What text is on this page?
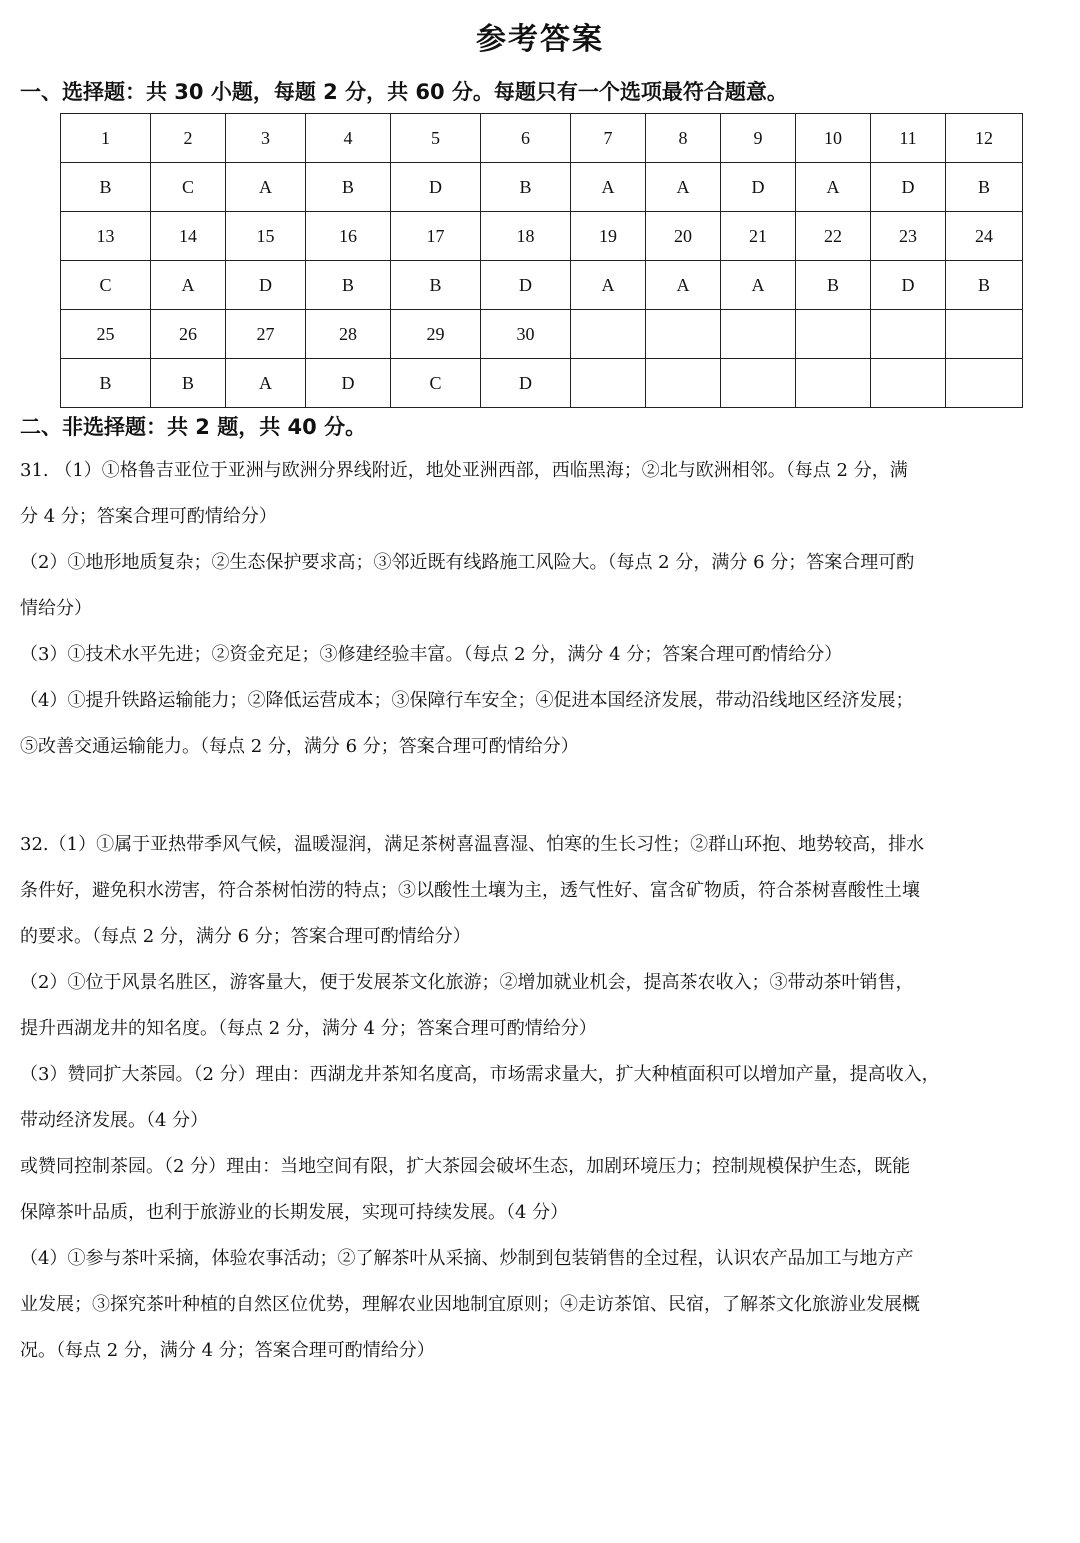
参考答案
一、选择题：共 30 小题，每题 2 分，共 60 分。每题只有一个选项最符合题意。
1	2	3	4	5	6	7	8	9	10	11	12
B	C	A	B	D	B	A	A	D	A	D	B
13	14	15	16	17	18	19	20	21	22	23	24
C	A	D	B	B	D	A	A	A	B	D	B
25	26	27	28	29	30						
B	B	A	D	C	D						
二、非选择题：共 2 题，共 40 分。

31. （1）①格鲁吉亚位于亚洲与欧洲分界线附近，地处亚洲西部，西临黑海；②北与欧洲相邻。（每点 2 分，满

分 4 分；答案合理可酌情给分）

（2）①地形地质复杂；②生态保护要求高；③邻近既有线路施工风险大。（每点 2 分，满分 6 分；答案合理可酌

情给分）

（3）①技术水平先进；②资金充足；③修建经验丰富。（每点 2 分，满分 4 分；答案合理可酌情给分）

（4）①提升铁路运输能力；②降低运营成本；③保障行车安全；④促进本国经济发展，带动沿线地区经济发展；

⑤改善交通运输能力。（每点 2 分，满分 6 分；答案合理可酌情给分）

32.（1）①属于亚热带季风气候，温暖湿润，满足茶树喜温喜湿、怕寒的生长习性；②群山环抱、地势较高，排水

条件好，避免积水涝害，符合茶树怕涝的特点；③以酸性土壤为主，透气性好、富含矿物质，符合茶树喜酸性土壤

的要求。（每点 2 分，满分 6 分；答案合理可酌情给分）

（2）①位于风景名胜区，游客量大，便于发展茶文化旅游；②增加就业机会，提高茶农收入；③带动茶叶销售，

提升西湖龙井的知名度。（每点 2 分，满分 4 分；答案合理可酌情给分）

（3）赞同扩大茶园。（2 分）理由：西湖龙井茶知名度高，市场需求量大，扩大种植面积可以增加产量，提高收入，

带动经济发展。（4 分）

或赞同控制茶园。（2 分）理由：当地空间有限，扩大茶园会破坏生态，加剧环境压力；控制规模保护生态，既能

保障茶叶品质，也利于旅游业的长期发展，实现可持续发展。（4 分）

（4）①参与茶叶采摘，体验农事活动；②了解茶叶从采摘、炒制到包装销售的全过程，认识农产品加工与地方产

业发展；③探究茶叶种植的自然区位优势，理解农业因地制宜原则；④走访茶馆、民宿，了解茶文化旅游业发展概

况。（每点 2 分，满分 4 分；答案合理可酌情给分）
